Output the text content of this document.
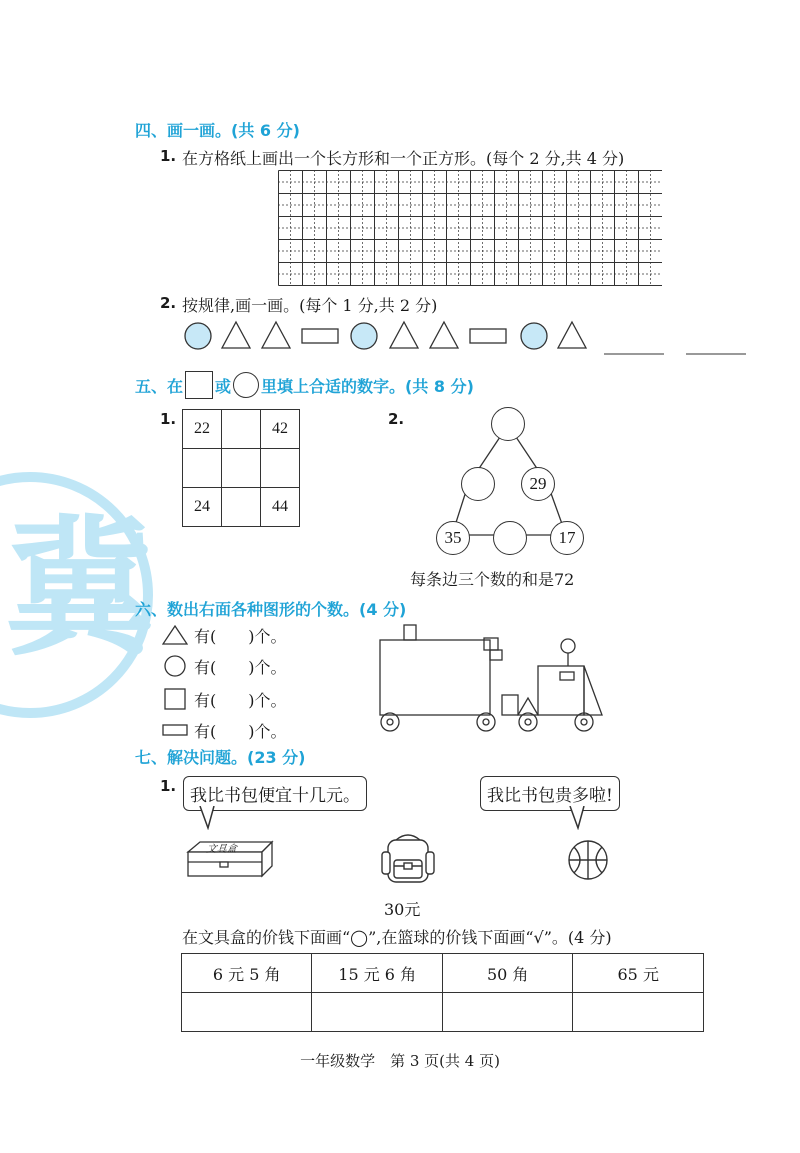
冀
四、画一画。(共 6 分)
1. 在方格纸上画出一个长方形和一个正方形。(每个 2 分,共 4 分)
2. 按规律,画一画。(每个 1 分,共 2 分)
五、在 或 里填上合适的数字。(共 8 分)
1.
22		42

24		44
2.
29
35	17
每条边三个数的和是72
六、数出右面各种图形的个数。(4 分)
有(　　)个。
有(　　)个。
有(　　)个。
有(　　)个。
七、解决问题。(23 分)
1. 我比书包便宜十几元。	我比书包贵多啦!
文具盒
30元
在文具盒的价钱下面画“◯”,在篮球的价钱下面画“√”。(4 分)
6 元 5 角	15 元 6 角	50 角	65 元

一年级数学　第 3 页(共 4 页)
